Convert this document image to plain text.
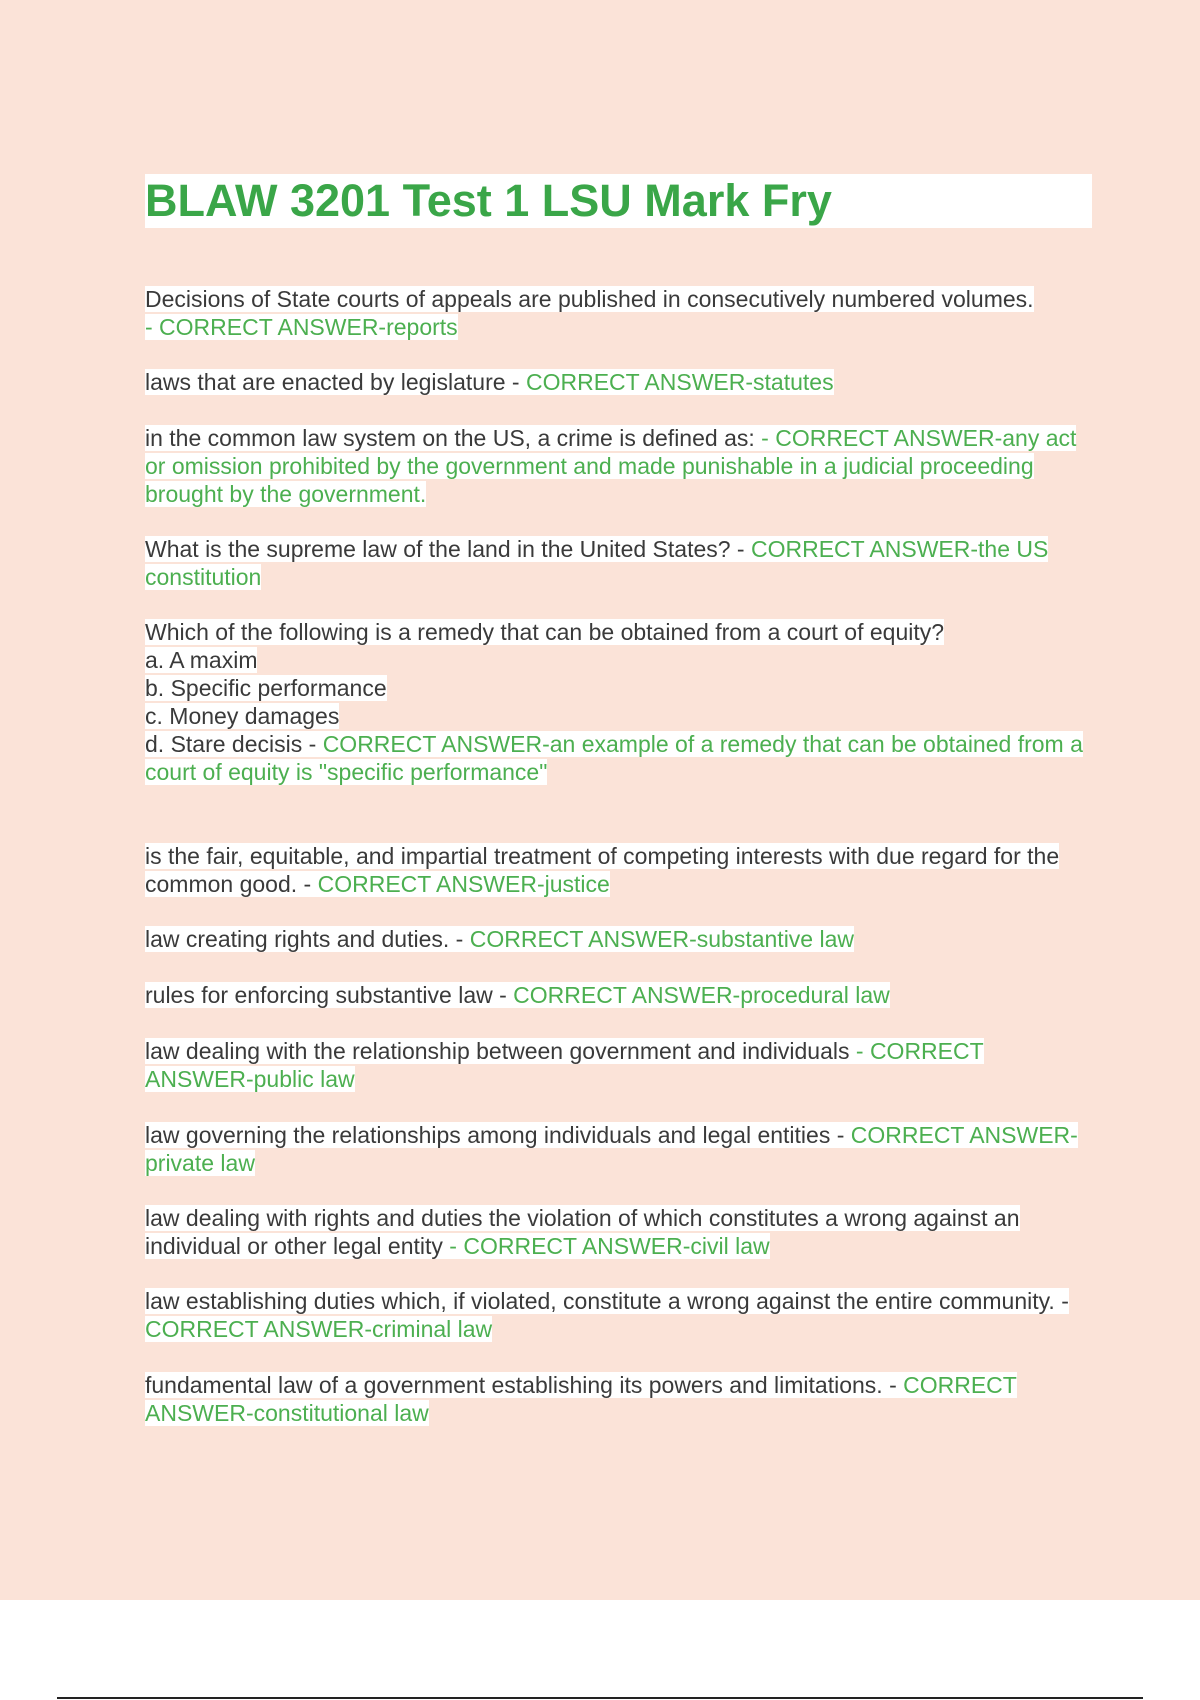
BLAW 3201 Test 1 LSU Mark Fry

Decisions of State courts of appeals are published in consecutively numbered volumes.
- CORRECT ANSWER-reports

laws that are enacted by legislature - CORRECT ANSWER-statutes

in the common law system on the US, a crime is defined as: - CORRECT ANSWER-any act or omission prohibited by the government and made punishable in a judicial proceeding brought by the government.

What is the supreme law of the land in the United States? - CORRECT ANSWER-the US constitution

Which of the following is a remedy that can be obtained from a court of equity?
a. A maxim
b. Specific performance
c. Money damages
d. Stare decisis - CORRECT ANSWER-an example of a remedy that can be obtained from a court of equity is "specific performance"

is the fair, equitable, and impartial treatment of competing interests with due regard for the common good. - CORRECT ANSWER-justice

law creating rights and duties. - CORRECT ANSWER-substantive law

rules for enforcing substantive law - CORRECT ANSWER-procedural law

law dealing with the relationship between government and individuals - CORRECT ANSWER-public law

law governing the relationships among individuals and legal entities - CORRECT ANSWER-private law

law dealing with rights and duties the violation of which constitutes a wrong against an individual or other legal entity - CORRECT ANSWER-civil law

law establishing duties which, if violated, constitute a wrong against the entire community. - CORRECT ANSWER-criminal law

fundamental law of a government establishing its powers and limitations. - CORRECT ANSWER-constitutional law
